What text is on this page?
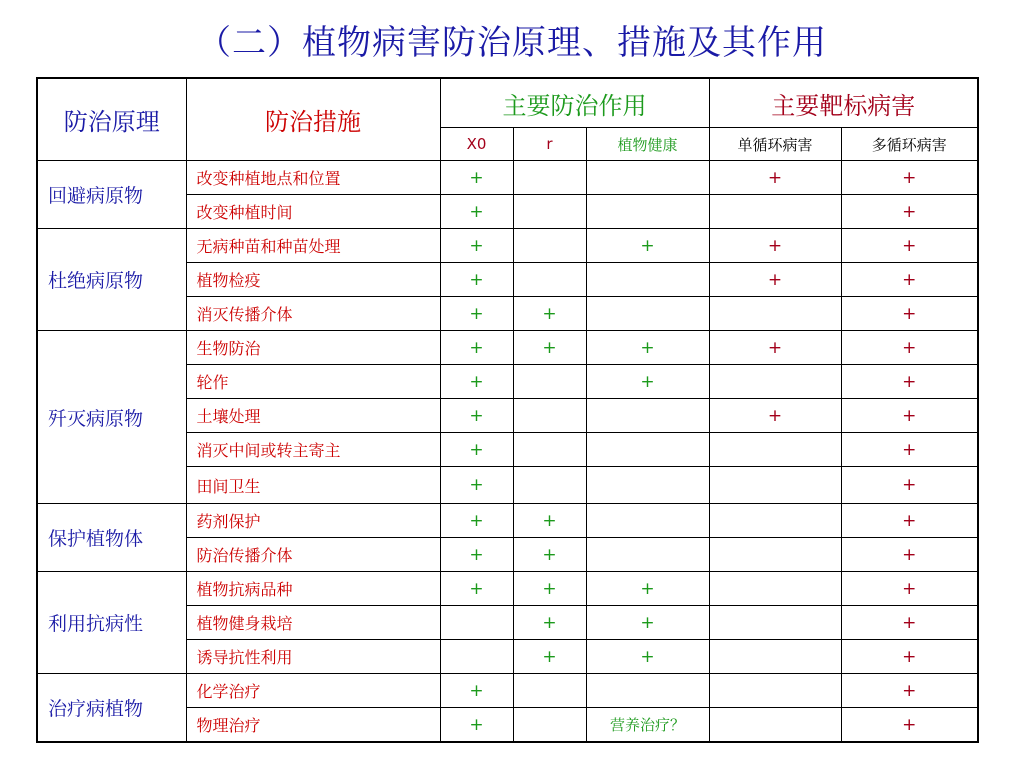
（二）植物病害防治原理、措施及其作用
防治原理	防治措施	主要防治作用			主要靶标病害	
		X0	r	植物健康	单循环病害	多循环病害
回避病原物	改变种植地点和位置	+			+	+
	改变种植时间	+				+
杜绝病原物	无病种苗和种苗处理	+		+	+	+
	植物检疫	+			+	+
	消灭传播介体	+	+			+
歼灭病原物	生物防治	+	+	+	+	+
	轮作	+		+		+
	土壤处理	+			+	+
	消灭中间或转主寄主	+				+
	田间卫生	+				+
保护植物体	药剂保护	+	+			+
	防治传播介体	+	+			+
利用抗病性	植物抗病品种	+	+	+		+
	植物健身栽培		+	+		+
	诱导抗性利用		+	+		+
治疗病植物	化学治疗	+				+
	物理治疗	+		营养治疗？		+
